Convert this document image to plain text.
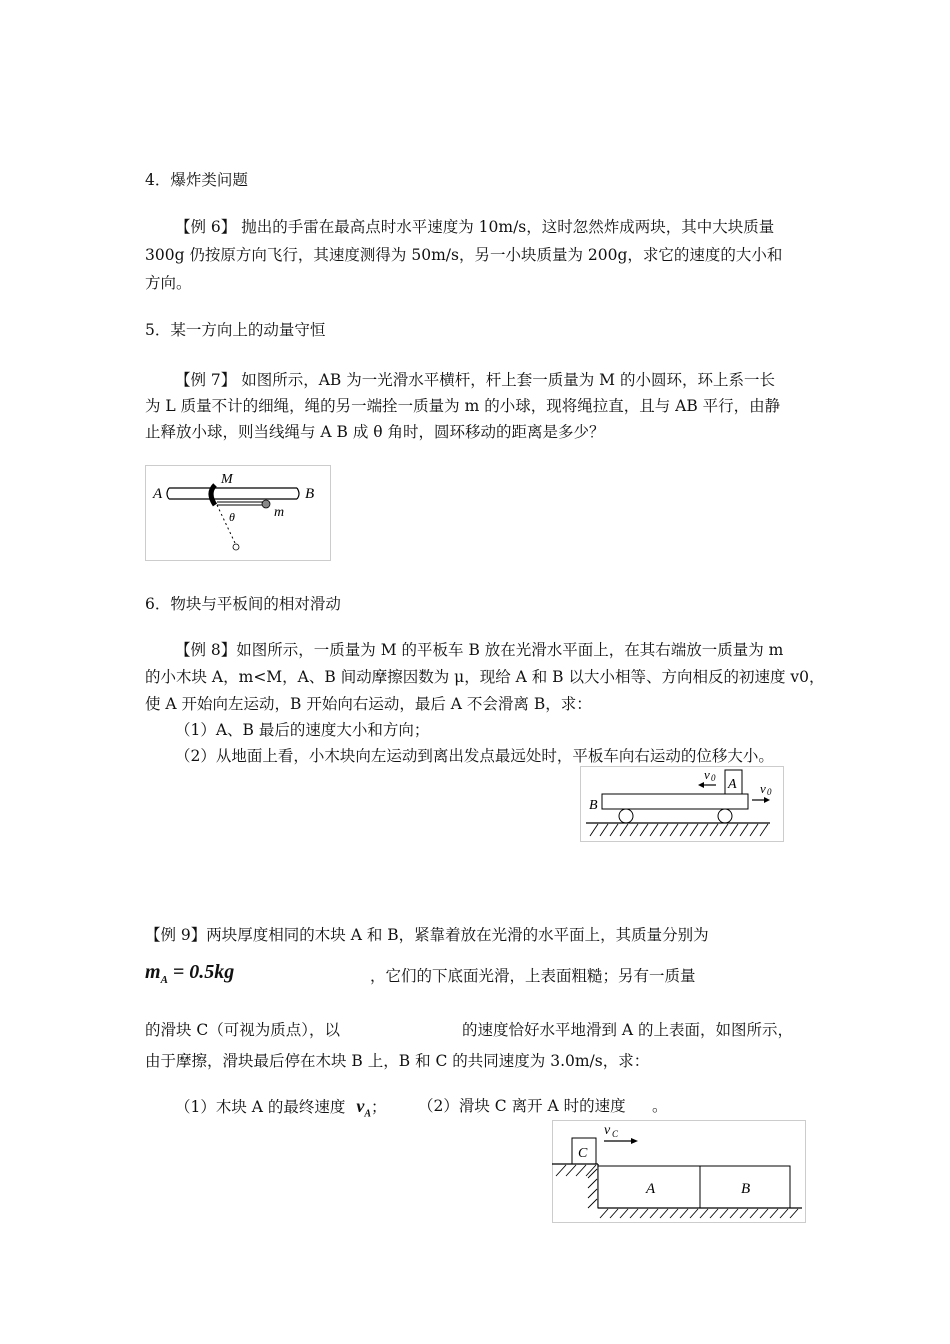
4．爆炸类问题
【例 6】 抛出的手雷在最高点时水平速度为 10m/s，这时忽然炸成两块，其中大块质量
300g 仍按原方向飞行，其速度测得为 50m/s，另一小块质量为 200g，求它的速度的大小和
方向。
5．某一方向上的动量守恒
【例 7】 如图所示，AB 为一光滑水平横杆，杆上套一质量为 M 的小圆环，环上系一长
为 L 质量不计的细绳，绳的另一端拴一质量为 m 的小球，现将绳拉直，且与 AB 平行，由静
止释放小球，则当线绳与 A B 成 θ 角时，圆环移动的距离是多少？
A	B
M
m
θ
6．物块与平板间的相对滑动
【例 8】如图所示，一质量为 M 的平板车 B 放在光滑水平面上，在其右端放一质量为 m
的小木块 A，m<M，A、B 间动摩擦因数为 μ，现给 A 和 B 以大小相等、方向相反的初速度 v0，
使 A 开始向左运动，B 开始向右运动，最后 A 不会滑离 B，求：
（1）A、B 最后的速度大小和方向；
（2）从地面上看，小木块向左运动到离出发点最远处时，平板车向右运动的位移大小。
v 0 A v 0
B
【例 9】两块厚度相同的木块 A 和 B，紧靠着放在光滑的水平面上，其质量分别为
$m_A = 0.5kg$	，它们的下底面光滑，上表面粗糙；另有一质量
的滑块 C（可视为质点），以	的速度恰好水平地滑到 A 的上表面，如图所示，
由于摩擦，滑块最后停在木块 B 上，B 和 C 的共同速度为 3.0m/s，求：
（1）木块 A 的最终速度 $v_A$； （2）滑块 C 离开 A 时的速度 。
C
v C
A	B
